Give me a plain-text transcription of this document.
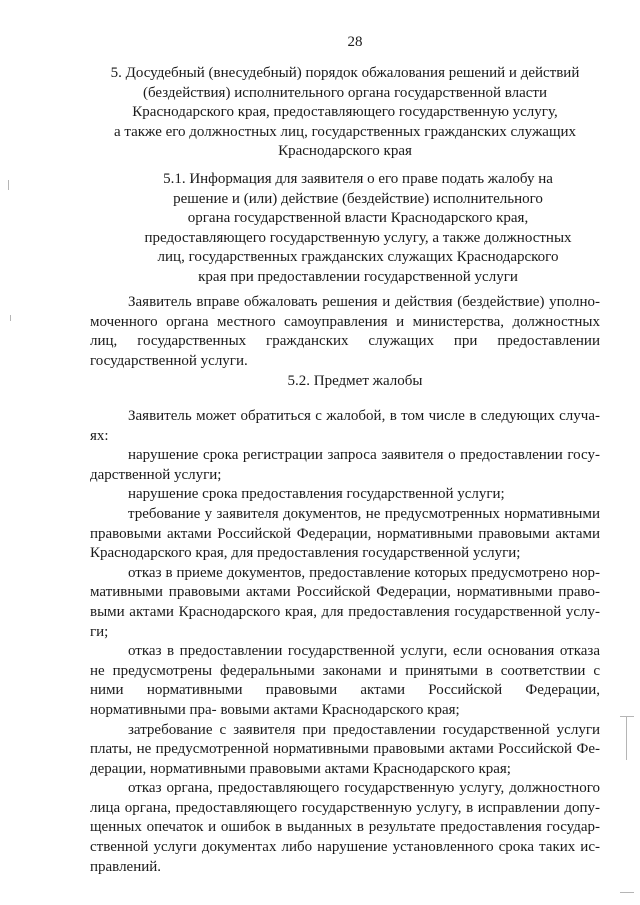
28
5. Досудебный (внесудебный) порядок обжалования решений и действий
(бездействия) исполнительного органа государственной власти
Краснодарского края, предоставляющего государственную услугу,
а также его должностных лиц, государственных гражданских служащих
Краснодарского края
5.1. Информация для заявителя о его праве подать жалобу на
решение и (или) действие (бездействие) исполнительного
органа государственной власти Краснодарского края,
предоставляющего государственную услугу, а также должностных
лиц, государственных гражданских служащих Краснодарского
края при предоставлении государственной услуги

Заявитель вправе обжаловать решения и действия (бездействие) уполно- моченного органа местного самоуправления и министерства, должностных лиц, государственных гражданских служащих при предоставлении государственной услуги.

5.2. Предмет жалобы

Заявитель может обратиться с жалобой, в том числе в следующих случа- ях:

нарушение срока регистрации запроса заявителя о предоставлении госу- дарственной услуги;

нарушение срока предоставления государственной услуги;

требование у заявителя документов, не предусмотренных нормативными правовыми актами Российской Федерации, нормативными правовыми актами Краснодарского края, для предоставления государственной услуги;

отказ в приеме документов, предоставление которых предусмотрено нор- мативными правовыми актами Российской Федерации, нормативными право- выми актами Краснодарского края, для предоставления государственной услу- ги;

отказ в предоставлении государственной услуги, если основания отказа не предусмотрены федеральными законами и принятыми в соответствии с ними нормативными правовыми актами Российской Федерации, нормативными пра- вовыми актами Краснодарского края;

затребование с заявителя при предоставлении государственной услуги платы, не предусмотренной нормативными правовыми актами Российской Фе- дерации, нормативными правовыми актами Краснодарского края;

отказ органа, предоставляющего государственную услугу, должностного лица органа, предоставляющего государственную услугу, в исправлении допу- щенных опечаток и ошибок в выданных в результате предоставления государ- ственной услуги документах либо нарушение установленного срока таких ис- правлений.
